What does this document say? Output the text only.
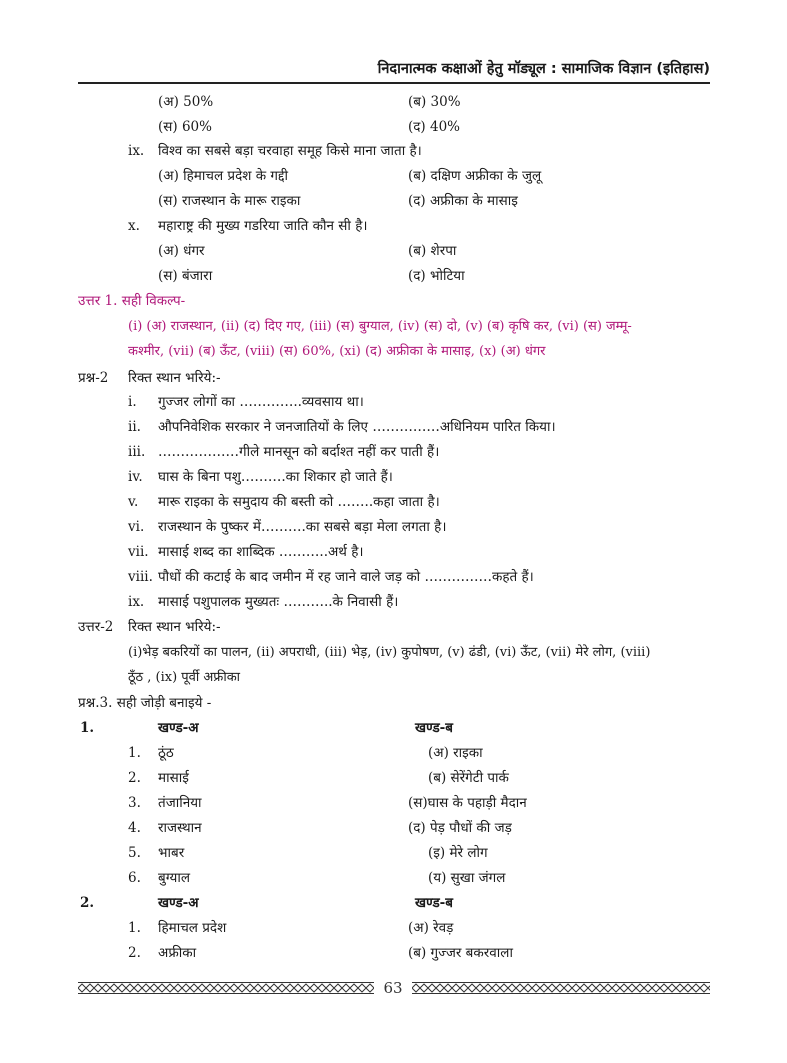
निदानात्मक कक्षाओं हेतु मॉड्यूल : सामाजिक विज्ञान (इतिहास)
(अ) 50%	(ब) 30%
(स) 60%	(द) 40%
ix. विश्व का सबसे बड़ा चरवाहा समूह किसे माना जाता है।
(अ) हिमाचल प्रदेश के गद्दी	(ब) दक्षिण अफ्रीका के जुलू
(स) राजस्थान के मारू राइका	(द) अफ्रीका के मासाइ
x. महाराष्ट्र की मुख्य गडरिया जाति कौन सी है।
(अ) धंगर	(ब) शेरपा
(स) बंजारा	(द) भोटिया
उत्तर 1. सही विकल्प-
(i) (अ) राजस्थान, (ii) (द) दिए गए, (iii) (स) बुग्याल, (iv) (स) दो, (v) (ब) कृषि कर, (vi) (स) जम्मू-
कश्मीर, (vii) (ब) ऊँट, (viii) (स) 60%, (xi) (द) अफ्रीका के मासाइ, (x) (अ) धंगर
प्रश्न-2 रिक्त स्थान भरिये:-
i. गुज्जर लोगों का …………..व्यवसाय था।
ii. औपनिवेशिक सरकार ने जनजातियों के लिए ……………अधिनियम पारित किया।
iii. ………………गीले मानसून को बर्दाश्त नहीं कर पाती हैं।
iv. घास के बिना पशु……….का शिकार हो जाते हैं।
v. मारू राइका के समुदाय की बस्ती को ……..कहा जाता है।
vi. राजस्थान के पुष्कर में……….का सबसे बड़ा मेला लगता है।
vii. मासाई शब्द का शाब्दिक ………..अर्थ है।
viii. पौधों की कटाई के बाद जमीन में रह जाने वाले जड़ को ……………कहते हैं।
ix. मासाई पशुपालक मुख्यतः ………..के निवासी हैं।
उत्तर-2 रिक्त स्थान भरिये:-
(i)भेड़ बकरियों का पालन, (ii) अपराधी, (iii) भेड़, (iv) कुपोषण, (v) ढंडी, (vi) ऊँट, (vii) मेरे लोग, (viii)
ठूँठ , (ix) पूर्वी अफ्रीका
प्रश्न.3. सही जोड़ी बनाइये -
1.	खण्ड-अ	खण्ड-ब
1. ठूंठ	(अ) राइका
2. मासाई	(ब) सेरेंगेटी पार्क
3. तंजानिया	(स)घास के पहाड़ी मैदान
4. राजस्थान	(द) पेड़ पौधों की जड़
5. भाबर	(इ) मेरे लोग
6. बुग्याल	(य) सुखा जंगल
2.	खण्ड-अ	खण्ड-ब
1. हिमाचल प्रदेश	(अ) रेवड़
2. अफ्रीका	(ब) गुज्जर बकरवाला
63
